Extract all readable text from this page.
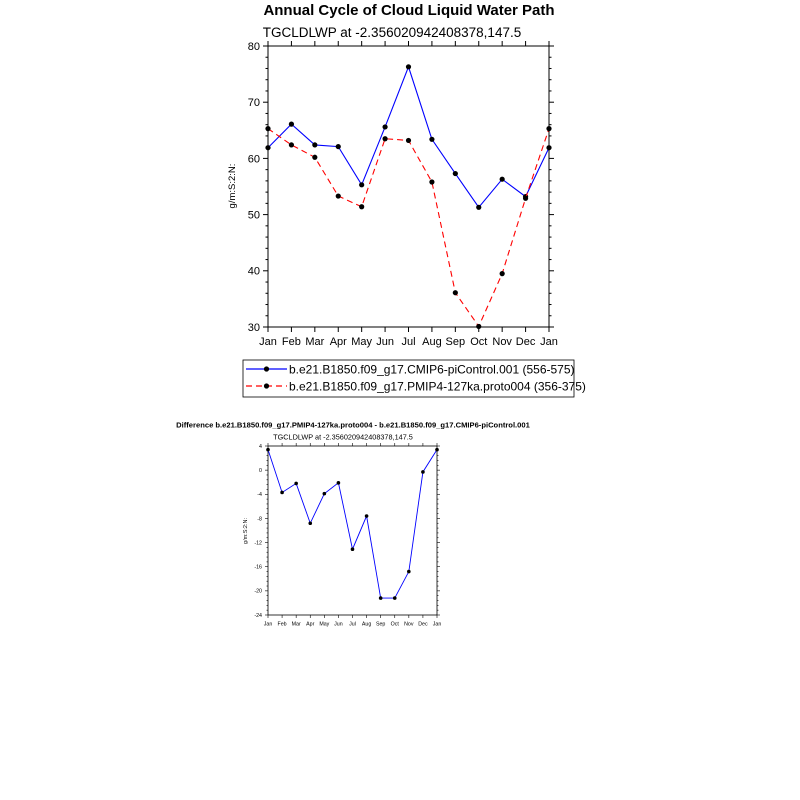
Annual Cycle of Cloud Liquid Water Path
TGCLDLWP at -2.356020942408378,147.5
g/m:S:2:N:
30
40
50
60
70
80
Jan Feb Mar Apr May Jun Jul Aug Sep Oct Nov Dec Jan
b.e21.B1850.f09_g17.CMIP6-piControl.001 (556-575)
b.e21.B1850.f09_g17.PMIP4-127ka.proto004 (356-375)
Difference b.e21.B1850.f09_g17.PMIP4-127ka.proto004 - b.e21.B1850.f09_g17.CMIP6-piControl.001
TGCLDLWP at -2.356020942408378,147.5
g/m:S:2:N:
-24
-20
-16
-12
-8
-4
0
4
Jan Feb Mar Apr May Jun Jul Aug Sep Oct Nov Dec Jan
